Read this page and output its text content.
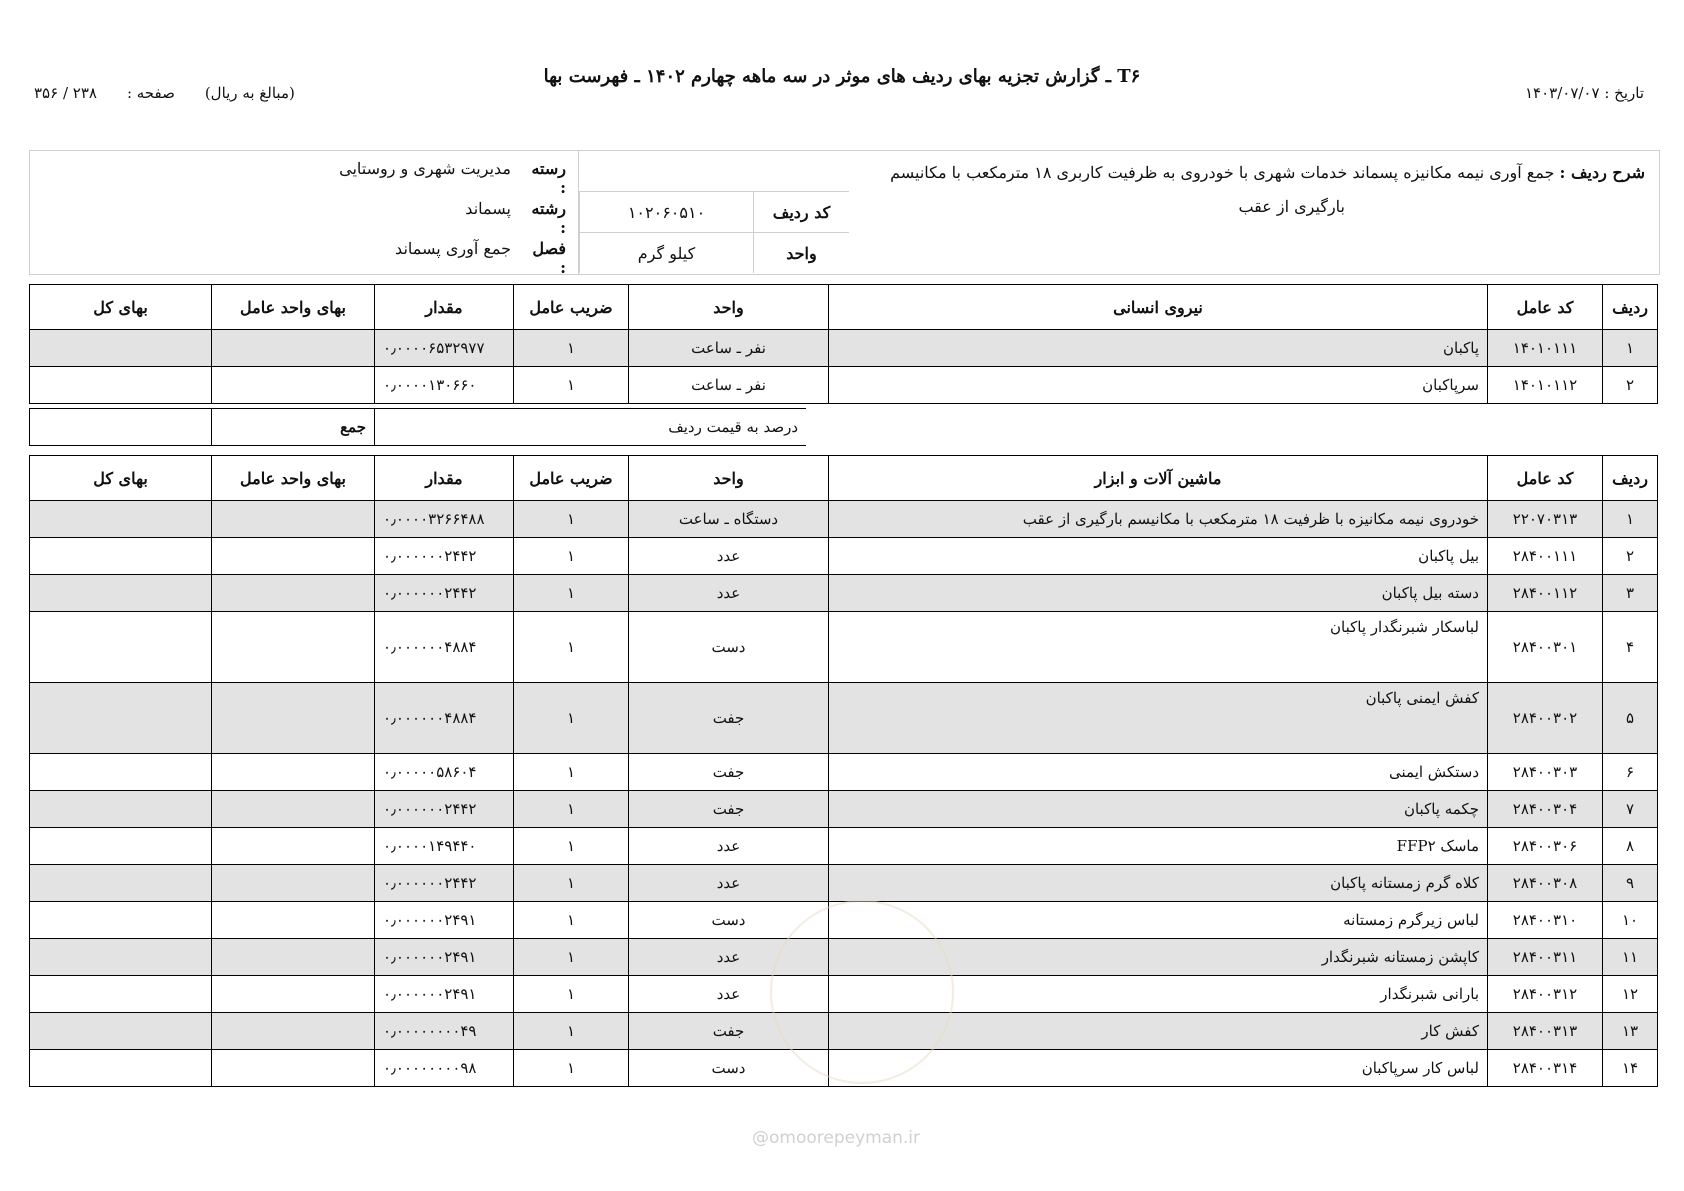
تاریخ : ۱۴۰۳/۰۷/۰۷
T۶ ـ گزارش تجزیه بهای ردیف های موثر در سه ماهه چهارم ۱۴۰۲ ـ فهرست بها
(مبالغ به ریال)
صفحه :
۲۳۸ / ۳۵۶
شرح ردیف : جمع آوری نیمه مکانیزه پسماند خدمات شهری با خودروی به ظرفیت کاربری ۱۸ مترمکعب با مکانیسم
بارگیری از عقب
کد ردیف
۱۰۲۰۶۰۵۱۰
واحد
کیلو گرم
رسته :
مدیریت شهری و روستایی
رشته :
پسماند
فصل :
جمع آوری پسماند
ردیف	کد عامل	نیروی انسانی	واحد	ضریب عامل	مقدار	بهای واحد عامل	بهای کل
۱	۱۴۰۱۰۱۱۱	پاکبان	نفر ـ ساعت	۱	۰٫۰۰۰۰۶۵۳۲۹۷۷		
۲	۱۴۰۱۰۱۱۲	سرپاکبان	نفر ـ ساعت	۱	۰٫۰۰۰۰۱۳۰۶۶۰		
	درصد به قیمت ردیف	جمع	
ردیف	کد عامل	ماشین آلات و ابزار	واحد	ضریب عامل	مقدار	بهای واحد عامل	بهای کل
۱	۲۲۰۷۰۳۱۳	خودروی نیمه مکانیزه با ظرفیت ۱۸ مترمکعب با مکانیسم بارگیری از عقب	دستگاه ـ ساعت	۱	۰٫۰۰۰۰۳۲۶۶۴۸۸		
۲	۲۸۴۰۰۱۱۱	بیل پاکبان	عدد	۱	۰٫۰۰۰۰۰۰۲۴۴۲		
۳	۲۸۴۰۰۱۱۲	دسته بیل پاکبان	عدد	۱	۰٫۰۰۰۰۰۰۲۴۴۲		
۴	۲۸۴۰۰۳۰۱	لباسکار شبرنگدار پاکبان	دست	۱	۰٫۰۰۰۰۰۰۴۸۸۴		
۵	۲۸۴۰۰۳۰۲	کفش ایمنی پاکبان	جفت	۱	۰٫۰۰۰۰۰۰۴۸۸۴		
۶	۲۸۴۰۰۳۰۳	دستکش ایمنی	جفت	۱	۰٫۰۰۰۰۰۵۸۶۰۴		
۷	۲۸۴۰۰۳۰۴	چکمه پاکبان	جفت	۱	۰٫۰۰۰۰۰۰۲۴۴۲		
۸	۲۸۴۰۰۳۰۶	ماسک FFP۲	عدد	۱	۰٫۰۰۰۰۱۴۹۴۴۰		
۹	۲۸۴۰۰۳۰۸	کلاه گرم زمستانه پاکبان	عدد	۱	۰٫۰۰۰۰۰۰۲۴۴۲		
۱۰	۲۸۴۰۰۳۱۰	لباس زیرگرم زمستانه	دست	۱	۰٫۰۰۰۰۰۰۲۴۹۱		
۱۱	۲۸۴۰۰۳۱۱	کاپشن زمستانه شبرنگدار	عدد	۱	۰٫۰۰۰۰۰۰۲۴۹۱		
۱۲	۲۸۴۰۰۳۱۲	بارانی شبرنگدار	عدد	۱	۰٫۰۰۰۰۰۰۲۴۹۱		
۱۳	۲۸۴۰۰۳۱۳	کفش کار	جفت	۱	۰٫۰۰۰۰۰۰۰۰۴۹		
۱۴	۲۸۴۰۰۳۱۴	لباس کار سرپاکبان	دست	۱	۰٫۰۰۰۰۰۰۰۰۹۸		
@omoorepeyman.ir
